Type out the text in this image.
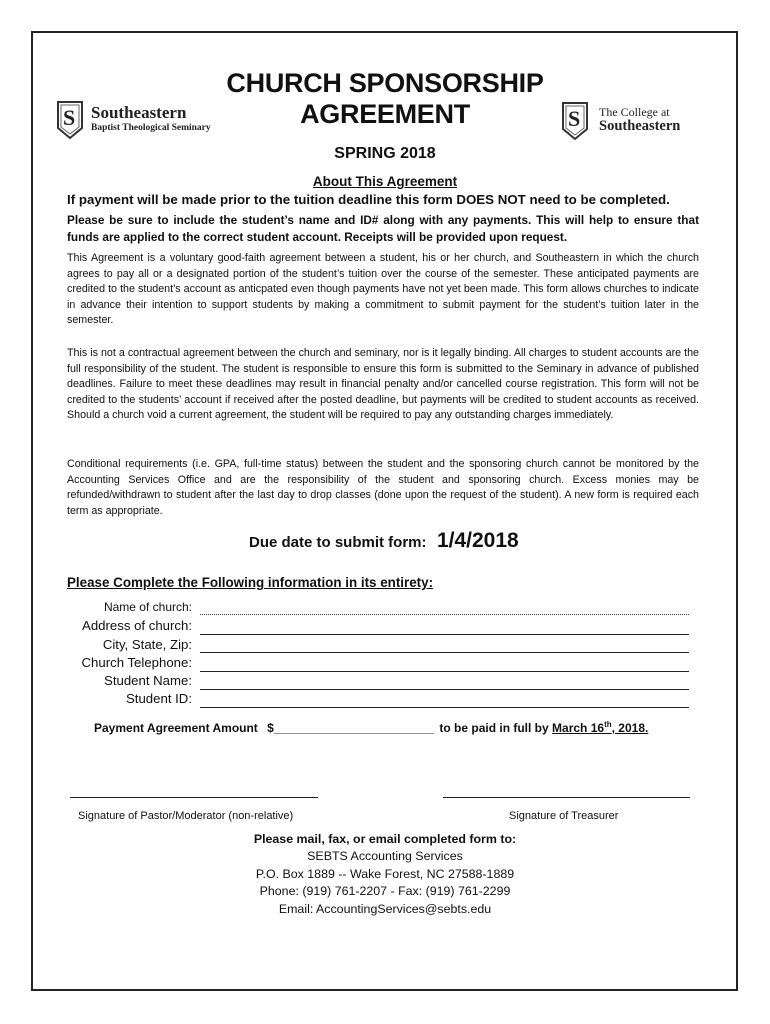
S Southeastern
Baptist Theological Seminary	S The College at
Southeastern
CHURCH SPONSORSHIP
AGREEMENT
SPRING 2018
About This Agreement
If payment will be made prior to the tuition deadline this form DOES NOT need to be completed.
Please be sure to include the student’s name and ID# along with any payments. This will help to ensure that funds are applied to the correct student account. Receipts will be provided upon request.
This Agreement is a voluntary good-faith agreement between a student, his or her church, and Southeastern in which the church agrees to pay all or a designated portion of the student’s tuition over the course of the semester. These anticipated payments are credited to the student’s account as anticpated even though payments have not yet been made. This form allows churches to indicate in advance their intention to support students by making a commitment to submit payment for the student’s tuition later in the semester.
This is not a contractual agreement between the church and seminary, nor is it legally binding. All charges to student accounts are the full responsibility of the student. The student is responsible to ensure this form is submitted to the Seminary in advance of published deadlines. Failure to meet these deadlines may result in financial penalty and/or cancelled course registration. This form will not be credited to the students’ account if received after the posted deadline, but payments will be credited to student accounts as received. Should a church void a current agreement, the student will be required to pay any outstanding charges immediately.
Conditional requirements (i.e. GPA, full-time status) between the student and the sponsoring church cannot be monitored by the Accounting Services Office and are the responsibility of the student and sponsoring church. Excess monies may be refunded/withdrawn to student after the last day to drop classes (done upon the request of the student). A new form is required each term as appropriate.
Due date to submit form: 1/4/2018
Please Complete the Following information in its entirety:
Name of church:
Address of church:
City, State, Zip:
Church Telephone:
Student Name:
Student ID:
Payment Agreement Amount $________________________ to be paid in full by March 16th, 2018.
Signature of Pastor/Moderator (non-relative)	Signature of Treasurer
Please mail, fax, or email completed form to:
SEBTS Accounting Services
P.O. Box 1889 -- Wake Forest, NC 27588-1889
Phone: (919) 761-2207 - Fax: (919) 761-2299
Email: AccountingServices@sebts.edu
